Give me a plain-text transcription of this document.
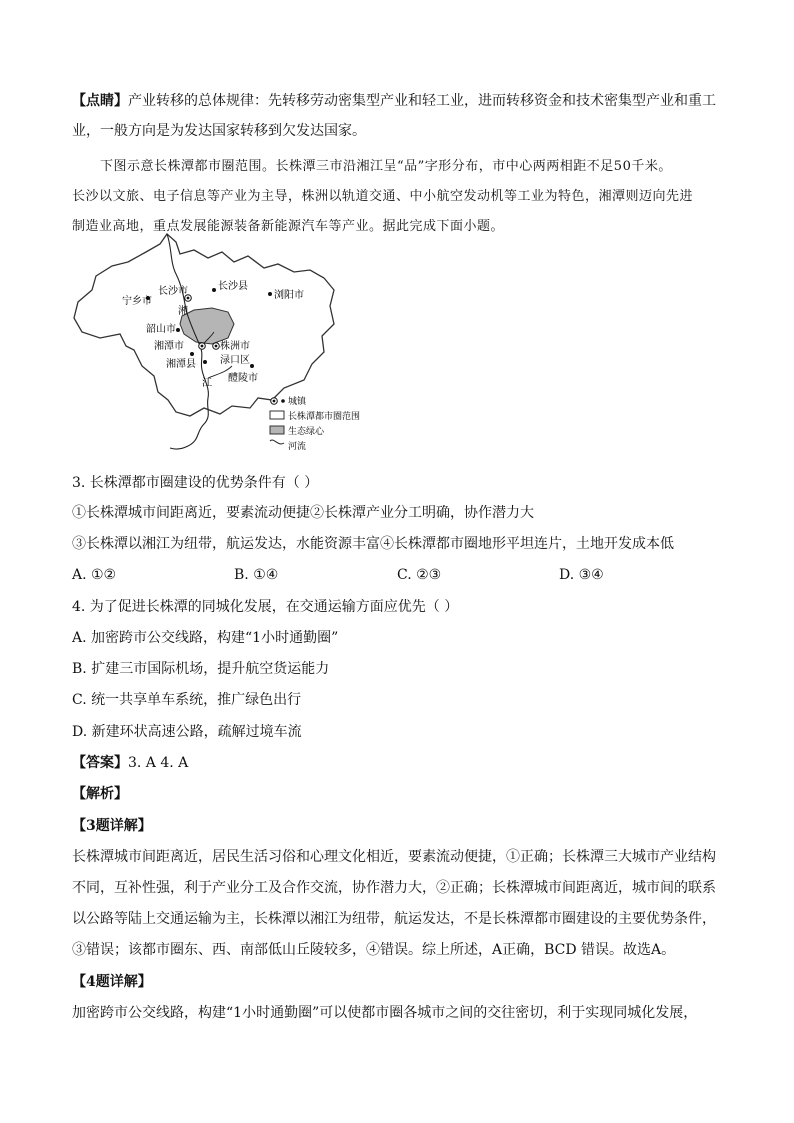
【点睛】产业转移的总体规律：先转移劳动密集型产业和轻工业，进而转移资金和技术密集型产业和重工
业，一般方向是为发达国家转移到欠发达国家。
下图示意长株潭都市圈范围。长株潭三市沿湘江呈“品”字形分布，市中心两两相距不足50千米。
长沙以文旅、电子信息等产业为主导，株洲以轨道交通、中小航空发动机等工业为特色，湘潭则迈向先进
制造业高地，重点发展能源装备新能源汽车等产业。据此完成下面小题。
长沙市	长沙县
浏阳市
宁乡市
湘
韶山市
湘潭市	株洲市
渌口区
湘潭县
醴陵市
江
城镇
长株潭都市圈范围
生态绿心
河流
3. 长株潭都市圈建设的优势条件有（ ）
①长株潭城市间距离近，要素流动便捷②长株潭产业分工明确，协作潜力大
③长株潭以湘江为纽带，航运发达，水能资源丰富④长株潭都市圈地形平坦连片，土地开发成本低
A. ①②	B. ①④	C. ②③	D. ③④
4. 为了促进长株潭的同城化发展，在交通运输方面应优先（ ）
A. 加密跨市公交线路，构建“1小时通勤圈”
B. 扩建三市国际机场，提升航空货运能力
C. 统一共享单车系统，推广绿色出行
D. 新建环状高速公路，疏解过境车流
【答案】3. A 4. A
【解析】
【3题详解】
长株潭城市间距离近，居民生活习俗和心理文化相近，要素流动便捷，①正确；长株潭三大城市产业结构
不同，互补性强，利于产业分工及合作交流，协作潜力大，②正确；长株潭城市间距离近，城市间的联系
以公路等陆上交通运输为主，长株潭以湘江为纽带，航运发达，不是长株潭都市圈建设的主要优势条件，
③错误；该都市圈东、西、南部低山丘陵较多，④错误。综上所述，A正确，BCD 错误。故选A。
【4题详解】
加密跨市公交线路，构建“1小时通勤圈”可以使都市圈各城市之间的交往密切，利于实现同城化发展，
